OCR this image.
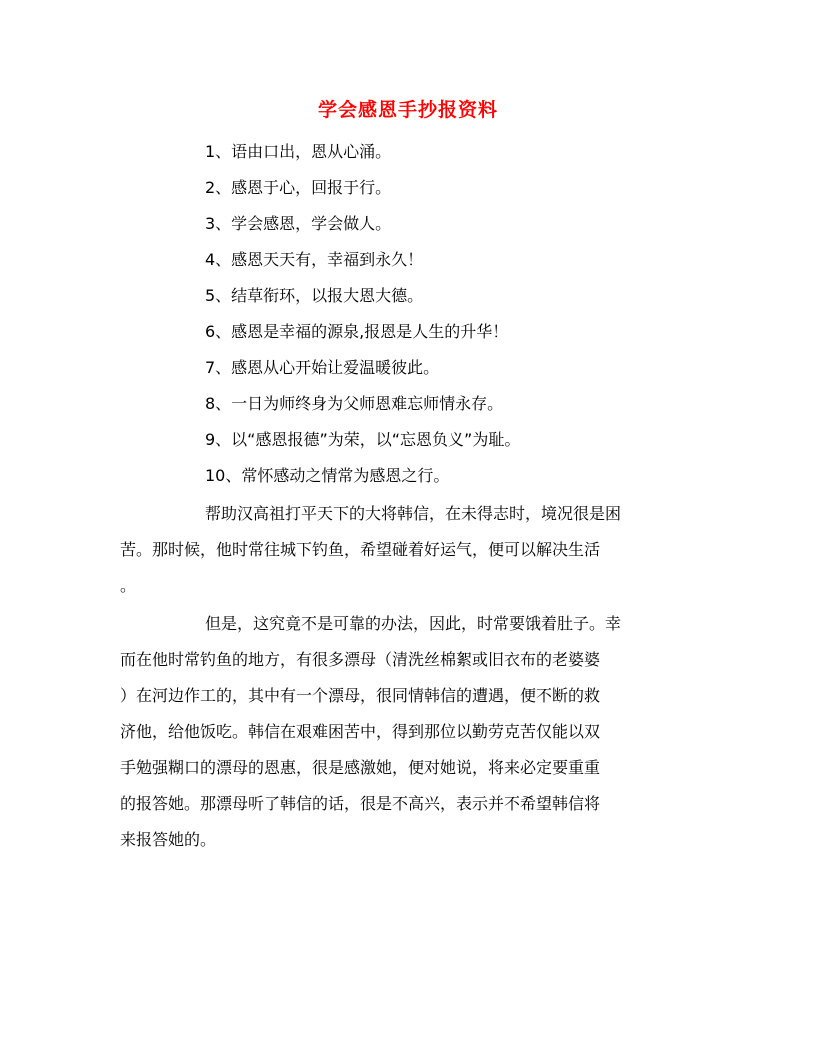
学会感恩手抄报资料
1、语由口出，恩从心涌。
2、感恩于心，回报于行。
3、学会感恩，学会做人。
4、感恩天天有，幸福到永久！
5、结草衔环，以报大恩大德。
6、感恩是幸福的源泉,报恩是人生的升华！
7、感恩从心开始让爱温暖彼此。
8、一日为师终身为父师恩难忘师情永存。
9、以“感恩报德”为荣，以“忘恩负义”为耻。
10、常怀感动之情常为感恩之行。
帮助汉高祖打平天下的大将韩信，在未得志时，境况很是困
苦。那时候，他时常往城下钓鱼，希望碰着好运气，便可以解决生活
。
但是，这究竟不是可靠的办法，因此，时常要饿着肚子。幸
而在他时常钓鱼的地方，有很多漂母（清洗丝棉絮或旧衣布的老婆婆
）在河边作工的，其中有一个漂母，很同情韩信的遭遇，便不断的救
济他，给他饭吃。韩信在艰难困苦中，得到那位以勤劳克苦仅能以双
手勉强糊口的漂母的恩惠，很是感激她，便对她说，将来必定要重重
的报答她。那漂母听了韩信的话，很是不高兴，表示并不希望韩信将
来报答她的。
